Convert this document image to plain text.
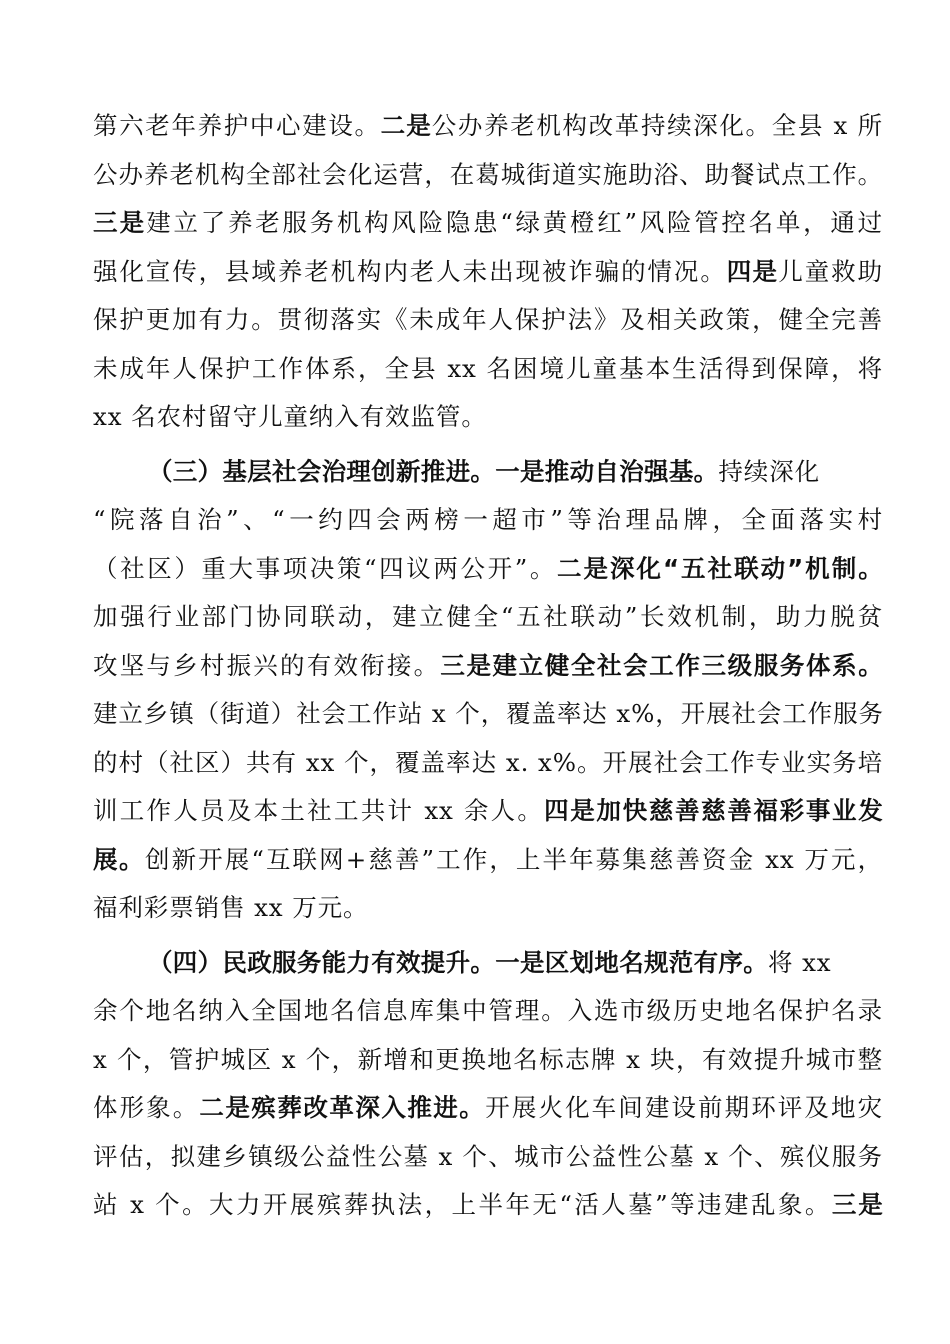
第六老年养护中心建设。二是公办养老机构改革持续深化。全县 x 所
公办养老机构全部社会化运营，在葛城街道实施助浴、助餐试点工作。
三是建立了养老服务机构风险隐患“绿黄橙红”风险管控名单，通过
强化宣传，县域养老机构内老人未出现被诈骗的情况。四是儿童救助
保护更加有力。贯彻落实《未成年人保护法》及相关政策，健全完善
未成年人保护工作体系，全县 xx 名困境儿童基本生活得到保障，将
xx 名农村留守儿童纳入有效监管。
（三）基层社会治理创新推进。一是推动自治强基。持续深化
“院落自治”、“一约四会两榜一超市”等治理品牌，全面落实村
（社区）重大事项决策“四议两公开”。二是深化“五社联动”机制。
加强行业部门协同联动，建立健全“五社联动”长效机制，助力脱贫
攻坚与乡村振兴的有效衔接。三是建立健全社会工作三级服务体系。
建立乡镇（街道）社会工作站 x 个，覆盖率达 x%，开展社会工作服务
的村（社区）共有 xx 个，覆盖率达 x. x%。开展社会工作专业实务培
训工作人员及本土社工共计 xx 余人。四是加快慈善慈善福彩事业发
展。创新开展“互联网+慈善”工作，上半年募集慈善资金 xx 万元，
福利彩票销售 xx 万元。
（四）民政服务能力有效提升。一是区划地名规范有序。将 xx
余个地名纳入全国地名信息库集中管理。入选市级历史地名保护名录
x 个，管护城区 x 个，新增和更换地名标志牌 x 块，有效提升城市整
体形象。二是殡葬改革深入推进。开展火化车间建设前期环评及地灾
评估，拟建乡镇级公益性公墓 x 个、城市公益性公墓 x 个、殡仪服务
站 x 个。大力开展殡葬执法，上半年无“活人墓”等违建乱象。三是
